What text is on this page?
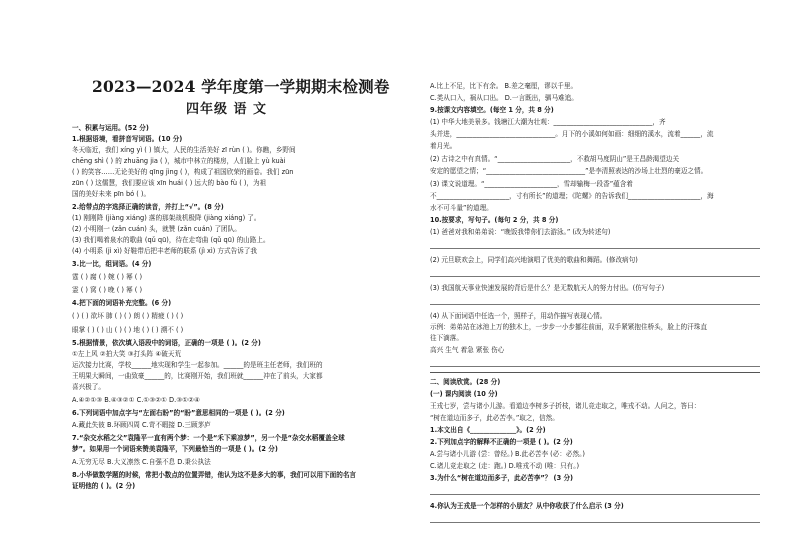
2023—2024 学年度第一学期期末检测卷
四年级 语 文
一、积累与运用。(52 分)
1.根据语境，看拼音写词语。(10 分)
冬天临近，我们 xíng yì ( ) 镇大，人民的生活美好 zī rùn ( )。你瞧，乡野间
chēng shì ( ) 的 zhuāng jia ( )，城市中林立的楼房，人们脸上 yù kuài
( ) 的笑容……无论美好的 qīng jìng ( )，构成了祖国欣荣的画卷。我们 zūn
zūn ( ) 这儒慧，我们要应该 xīn huái ( ) 远大的 bào fù ( )，为祖
国的美好未来 pīn bó ( )。
2.给带点的字选择正确的读音，并打上“√”。(8 分)
(1) 刚刚降 (jiàng xiáng) 落的那架战机极降 (jiàng xiáng) 了。
(2) 小明刚一 (zǎn cuán) 头，就赞 (zǎn cuán) 了团队。
(3) 我们喝着泉水的歌曲 (qǔ qū)，待在走弯曲 (qǔ qū) 的山路上。
(4) 小明系 (jì xì) 好鞋带后把丰老师的联系 (jì xì) 方式告诉了我
3.比一比，组词语。(4 分)
霆 ( ) 腐 ( ) 婉 ( ) 幂 ( )
霊 ( ) 窝 ( ) 晚 ( ) 幂 ( )
4.把下面的词语补充完整。(6 分)
( ) ( ) 欲坏 肺 ( ) ( ) 朗 ( ) 精疲 ( ) ( )
眼掌 ( ) ( ) 山 ( ) ( ) 地 ( ) ( ) 溯不 ( )
5.根据情景，依次填入语段中的词语，正确的一项是 ( )。(2 分)
①左上风 ②拍大笑 ③打头阵 ④破天荒
运次接力比赛，学校______地实现和学生一起参加。______的是班主任老师，我们班的
王明果大瞬间，一曲致豪______的，比赛刚开始，我们班就______冲在了前头，大家都
喜兴极了。
A.④②①③ B.④③②① C.①③②① D.③①②④
6.下列词语中加点字与“左面右盼”的“盼”意思相同的一项是 ( )。(2 分)
A.藏此失彼 B.环顾四周 C.苛不暇接 D.三顾茅庐
7.“杂交水稻之父”袁隆平一直有两个梦：一个是“禾下乘凉梦”，另一个是“杂交水稻覆盖全球
梦”。如果用一个词语来赞美袁隆平，下列最恰当的一项是 ( )。(2 分)
A.无穷无尽 B.大义凛然 C.自强不息 D.秉公执法
8.小华做数学题的时候，常把小数点的位置弄错，他认为这不是多大的事，我们可以用下面的名言
证明他的 ( )。(2 分)
A.比上不足，比下有余。 B.差之毫厘，谬以千里。
C.类从口入，祸从口出。 D.一言既出，驷马难追。
9.按课文内容填空。(每空 1 分，共 8 分)
(1) 中华大地美景多。钱塘江大潮为壮观：______________________________，齐
头并进，______________________________。月下的小溪如何如画：细细的溪水，流着______，流
着月光。
(2) 古诗之中有真情。“______________________，不救胡马度阴山”是王昌龄渴望边关
安定的愿望之情；“______________________________”是李清照表达的沙场上壮烈的豪迈之情。
(3) 课文说道理。“______________________，雪却输梅一段香”蕴含着
不______________________，寸有所长”的道理；《陀螺》的告诉我们______________________，海
水不可斗量”的道理。
10.按要求，写句子。(每句 2 分，共 8 分)
(1) 爸爸对我和弟弟说：“晚饭我带你们去游泳。” (改为转述句)
(2) 元旦联欢会上，同学们高兴地演唱了优美的歌曲和舞蹈。(修改病句)
(3) 我国航天事业快速发展的背后是什么？是无数航天人的努力付出。(仿写句子)
(4) 从下面词语中任选一个，照样子，用动作描写表现心情。
示例：弟弟站在冰池上万的独木上，一步步一小步挪往前面，双手紧紧抱住桥头，脸上的汗珠直
往下滴落。
高兴 生气 着急 紧张 伤心
二、阅读欣赏。(28 分)
(一) 课内阅读 (10 分)
王戎七岁，尝与诸小儿游。看道边李树多子折枝，诸儿竞走取之，唯戎不动。人问之，答曰：
“树在道边而多子，此必苦李。”取之，信然。
1.本文出自《______________》。(2 分)
2.下列加点字的解释不正确的一项是 ( )。(2 分)
A.尝与诸小儿游 (尝：曾经。) B.此必苦李 (必：必然。)
C.诸儿竞走取之 (走：跑。) D.唯戎不动 (唯：只有。)
3.为什么“树在道边而多子，此必苦李”？ (3 分)
4.你认为王戎是一个怎样的小朋友？从中你收获了什么启示 (3 分)
